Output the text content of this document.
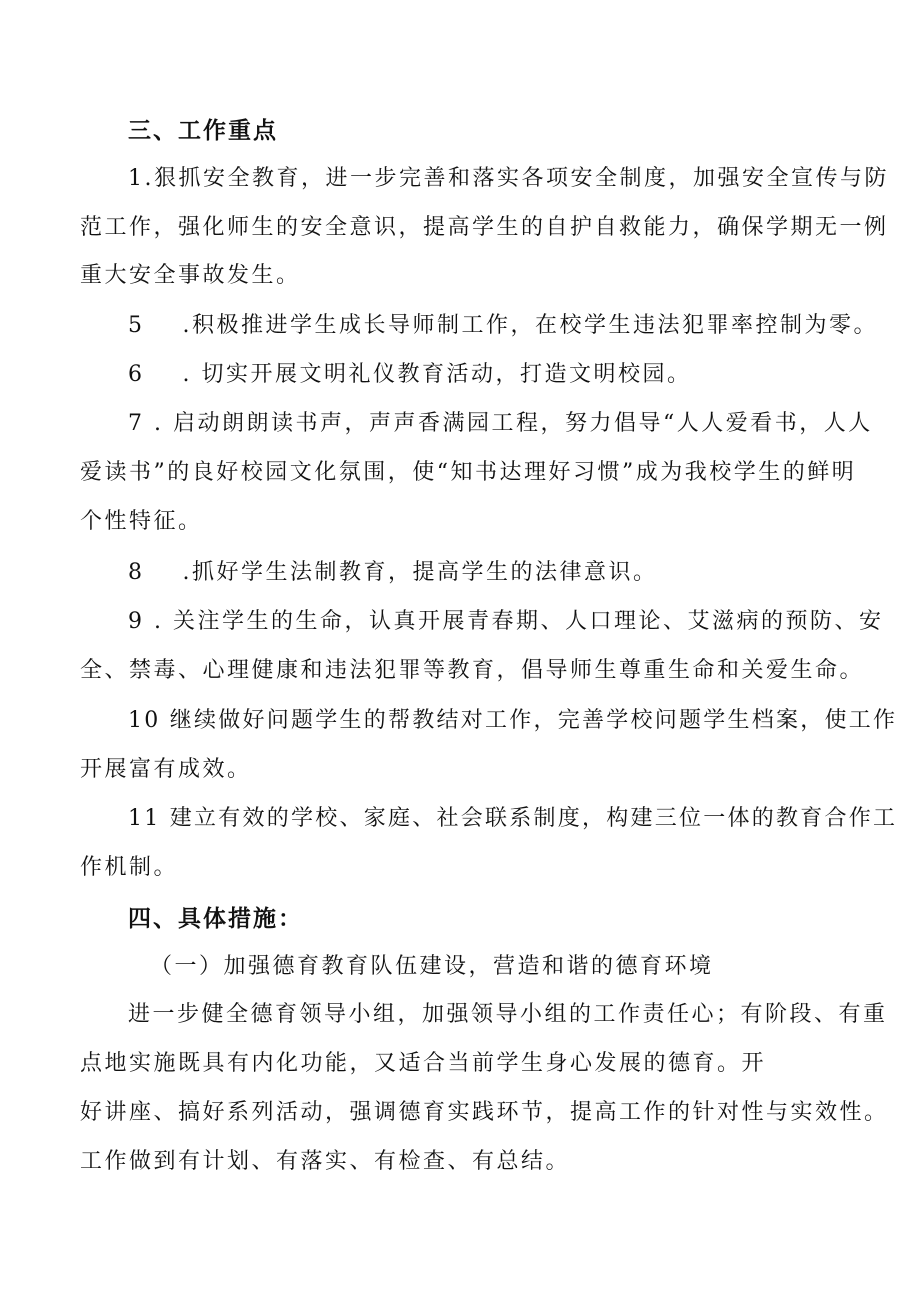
三、工作重点
1.狠抓安全教育，进一步完善和落实各项安全制度，加强安全宣传与防
范工作，强化师生的安全意识，提高学生的自护自救能力，确保学期无一例
重大安全事故发生。
5 .积极推进学生成长导师制工作，在校学生违法犯罪率控制为零。
6 . 切实开展文明礼仪教育活动，打造文明校园。
7 . 启动朗朗读书声，声声香满园工程，努力倡导“人人爱看书，人人
爱读书”的良好校园文化氛围，使“知书达理好习惯”成为我校学生的鲜明
个性特征。
8 .抓好学生法制教育，提高学生的法律意识。
9 . 关注学生的生命，认真开展青春期、人口理论、艾滋病的预防、安
全、禁毒、心理健康和违法犯罪等教育，倡导师生尊重生命和关爱生命。
10 继续做好问题学生的帮教结对工作，完善学校问题学生档案，使工作
开展富有成效。
11 建立有效的学校、家庭、社会联系制度，构建三位一体的教育合作工
作机制。
四、具体措施：
（一）加强德育教育队伍建设，营造和谐的德育环境
进一步健全德育领导小组，加强领导小组的工作责任心；有阶段、有重
点地实施既具有内化功能，又适合当前学生身心发展的德育。开
好讲座、搞好系列活动，强调德育实践环节，提高工作的针对性与实效性。
工作做到有计划、有落实、有检查、有总结。
